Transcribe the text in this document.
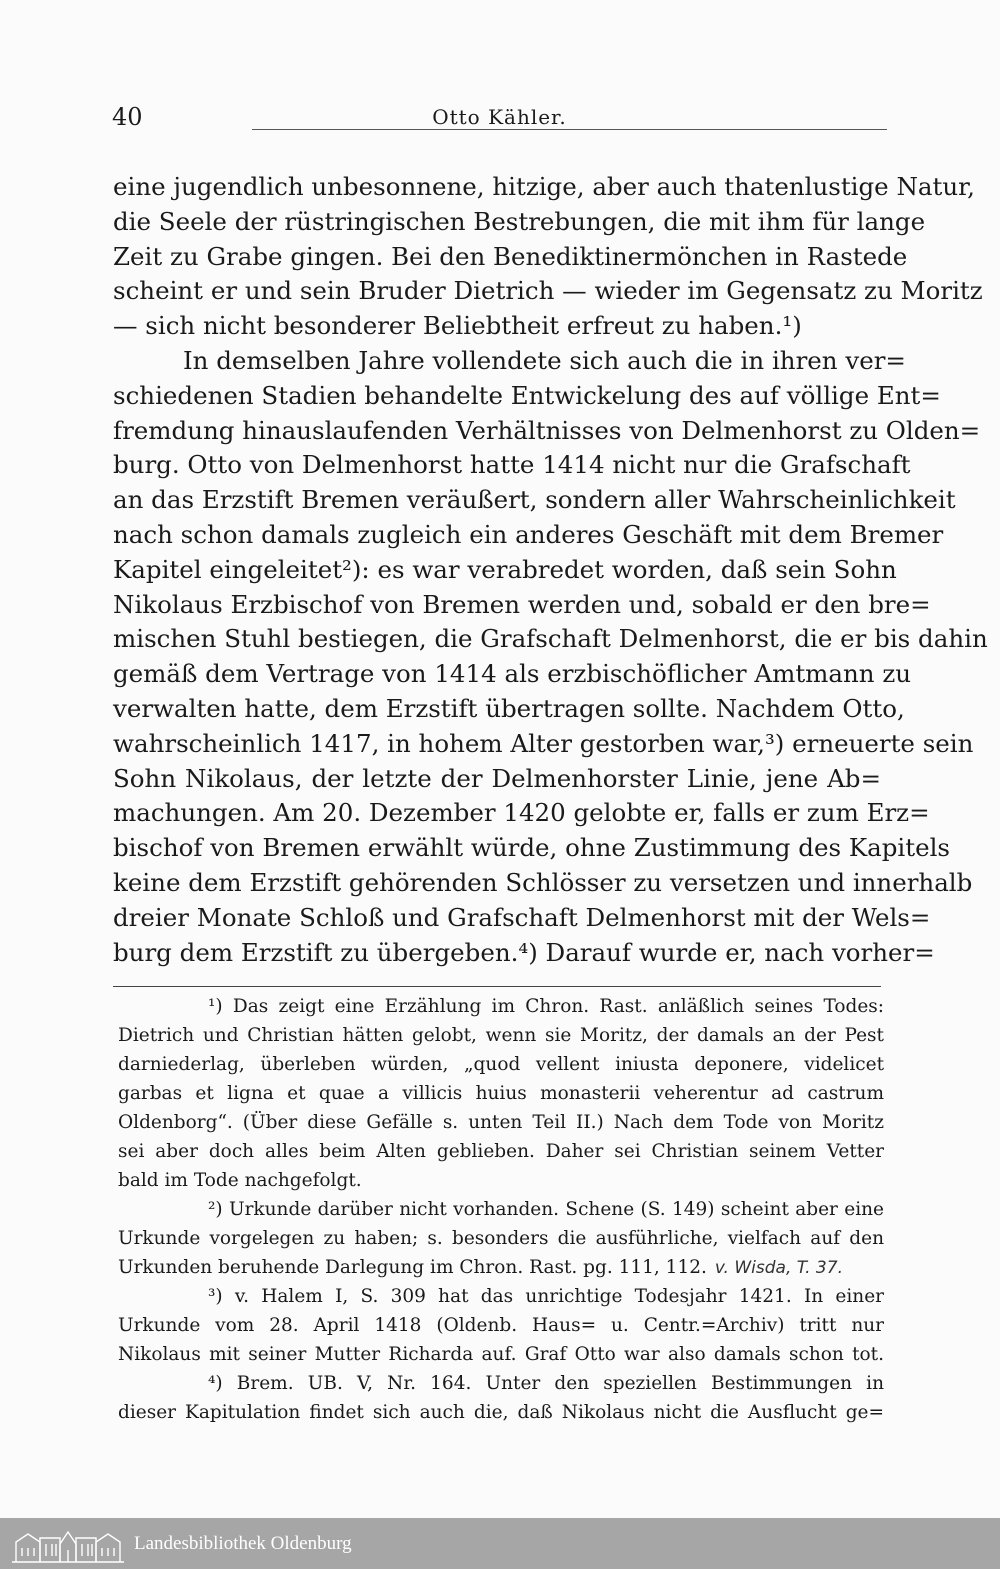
40	Otto Kähler.
eine jugendlich unbesonnene, hitzige, aber auch thatenlustige Natur,
die Seele der rüstringischen Bestrebungen, die mit ihm für lange
Zeit zu Grabe gingen. Bei den Benediktinermönchen in Rastede
scheint er und sein Bruder Dietrich — wieder im Gegensatz zu Moritz
— sich nicht besonderer Beliebtheit erfreut zu haben.¹)
In demselben Jahre vollendete sich auch die in ihren ver=
schiedenen Stadien behandelte Entwickelung des auf völlige Ent=
fremdung hinauslaufenden Verhältnisses von Delmenhorst zu Olden=
burg. Otto von Delmenhorst hatte 1414 nicht nur die Grafschaft
an das Erzstift Bremen veräußert, sondern aller Wahrscheinlichkeit
nach schon damals zugleich ein anderes Geschäft mit dem Bremer
Kapitel eingeleitet²): es war verabredet worden, daß sein Sohn
Nikolaus Erzbischof von Bremen werden und, sobald er den bre=
mischen Stuhl bestiegen, die Grafschaft Delmenhorst, die er bis dahin
gemäß dem Vertrage von 1414 als erzbischöflicher Amtmann zu
verwalten hatte, dem Erzstift übertragen sollte. Nachdem Otto,
wahrscheinlich 1417, in hohem Alter gestorben war,³) erneuerte sein
Sohn Nikolaus, der letzte der Delmenhorster Linie, jene Ab=
machungen. Am 20. Dezember 1420 gelobte er, falls er zum Erz=
bischof von Bremen erwählt würde, ohne Zustimmung des Kapitels
keine dem Erzstift gehörenden Schlösser zu versetzen und innerhalb
dreier Monate Schloß und Grafschaft Delmenhorst mit der Wels=
burg dem Erzstift zu übergeben.⁴) Darauf wurde er, nach vorher=
¹) Das zeigt eine Erzählung im Chron. Rast. anläßlich seines Todes:
Dietrich und Christian hätten gelobt, wenn sie Moritz, der damals an der Pest
darniederlag, überleben würden, „quod vellent iniusta deponere, videlicet
garbas et ligna et quae a villicis huius monasterii veherentur ad castrum
Oldenborg“. (Über diese Gefälle s. unten Teil II.) Nach dem Tode von Moritz
sei aber doch alles beim Alten geblieben. Daher sei Christian seinem Vetter
bald im Tode nachgefolgt.
²) Urkunde darüber nicht vorhanden. Schene (S. 149) scheint aber eine
Urkunde vorgelegen zu haben; s. besonders die ausführliche, vielfach auf den
Urkunden beruhende Darlegung im Chron. Rast. pg. 111, 112. v. Wisda, T. 37.
³) v. Halem I, S. 309 hat das unrichtige Todesjahr 1421. In einer
Urkunde vom 28. April 1418 (Oldenb. Haus= u. Centr.=Archiv) tritt nur
Nikolaus mit seiner Mutter Richarda auf. Graf Otto war also damals schon tot.
⁴) Brem. UB. V, Nr. 164. Unter den speziellen Bestimmungen in
dieser Kapitulation findet sich auch die, daß Nikolaus nicht die Ausflucht ge=
Landesbibliothek Oldenburg
